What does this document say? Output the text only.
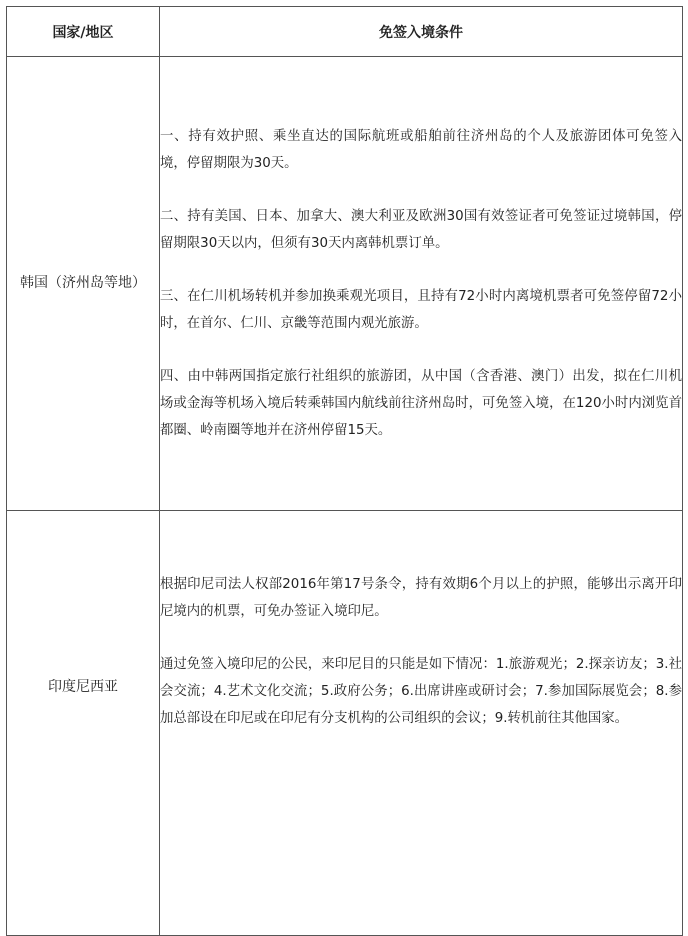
国家/地区	免签入境条件
韩国（济州岛等地）	一、持有效护照、乘坐直达的国际航班或船舶前往济州岛的个人及旅游团体可免签入境，停留期限为30天。

二、持有美国、日本、加拿大、澳大利亚及欧洲30国有效签证者可免签证过境韩国，停留期限30天以内，但须有30天内离韩机票订单。

三、在仁川机场转机并参加换乘观光项目，且持有72小时内离境机票者可免签停留72小时，在首尔、仁川、京畿等范围内观光旅游。

四、由中韩两国指定旅行社组织的旅游团，从中国（含香港、澳门）出发，拟在仁川机场或金海等机场入境后转乘韩国内航线前往济州岛时，可免签入境，在120小时内浏览首都圈、岭南圈等地并在济州停留15天。

印度尼西亚	根据印尼司法人权部2016年第17号条令，持有效期6个月以上的护照，能够出示离开印尼境内的机票，可免办签证入境印尼。

通过免签入境印尼的公民，来印尼目的只能是如下情况：1.旅游观光；2.探亲访友；3.社会交流；4.艺术文化交流；5.政府公务；6.出席讲座或研讨会；7.参加国际展览会；8.参加总部设在印尼或在印尼有分支机构的公司组织的会议；9.转机前往其他国家。
